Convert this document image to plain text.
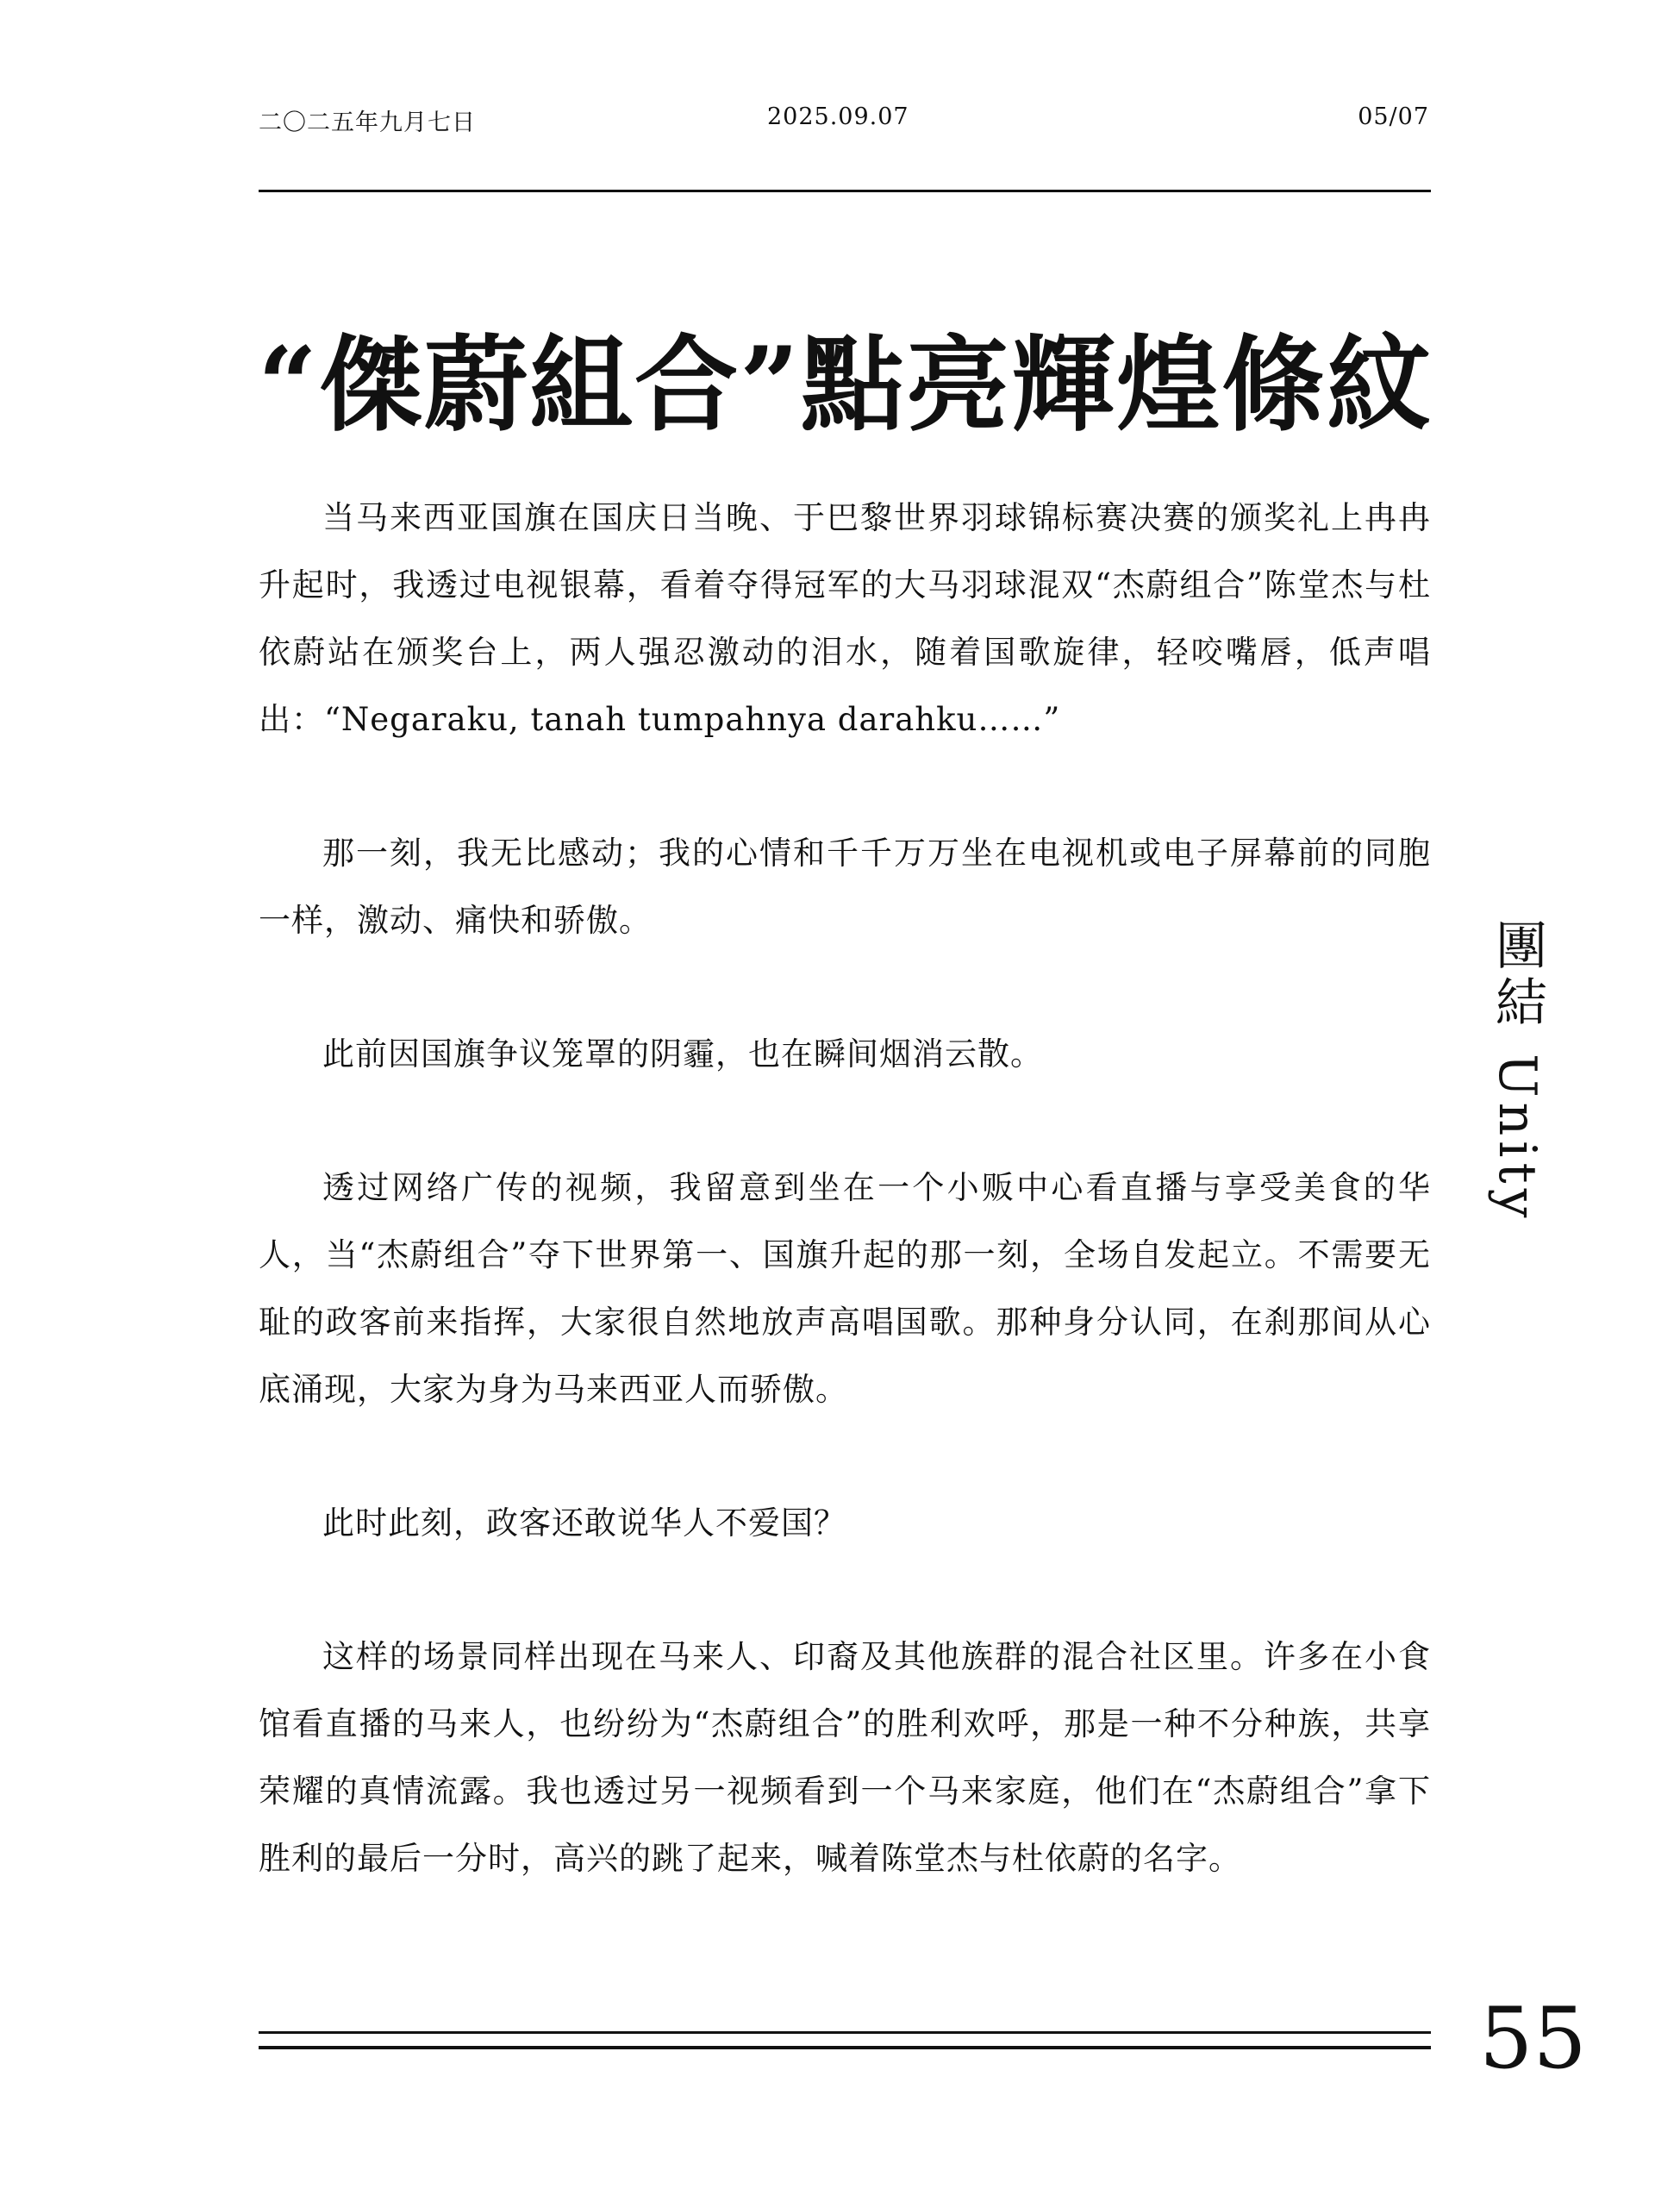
二〇二五年九月七日	2025.09.07	05/07
“傑蔚組合”點亮輝煌條紋

当马来西亚国旗在国庆日当晚、于巴黎世界羽球锦标赛决赛的颁奖礼上冉冉升起时，我透过电视银幕，看着夺得冠军的大马羽球混双“杰蔚组合”陈堂杰与杜依蔚站在颁奖台上，两人强忍激动的泪水，随着国歌旋律，轻咬嘴唇，低声唱出：“Negaraku, tanah tumpahnya darahku……”

那一刻，我无比感动；我的心情和千千万万坐在电视机或电子屏幕前的同胞一样，激动、痛快和骄傲。

此前因国旗争议笼罩的阴霾，也在瞬间烟消云散。

透过网络广传的视频，我留意到坐在一个小贩中心看直播与享受美食的华人，当“杰蔚组合”夺下世界第一、国旗升起的那一刻，全场自发起立。不需要无耻的政客前来指挥，大家很自然地放声高唱国歌。那种身分认同，在刹那间从心底涌现，大家为身为马来西亚人而骄傲。

此时此刻，政客还敢说华人不爱国？

这样的场景同样出现在马来人、印裔及其他族群的混合社区里。许多在小食馆看直播的马来人，也纷纷为“杰蔚组合”的胜利欢呼，那是一种不分种族，共享荣耀的真情流露。我也透过另一视频看到一个马来家庭，他们在“杰蔚组合”拿下胜利的最后一分时，高兴的跳了起来，喊着陈堂杰与杜依蔚的名字。

團結 Unity
55
